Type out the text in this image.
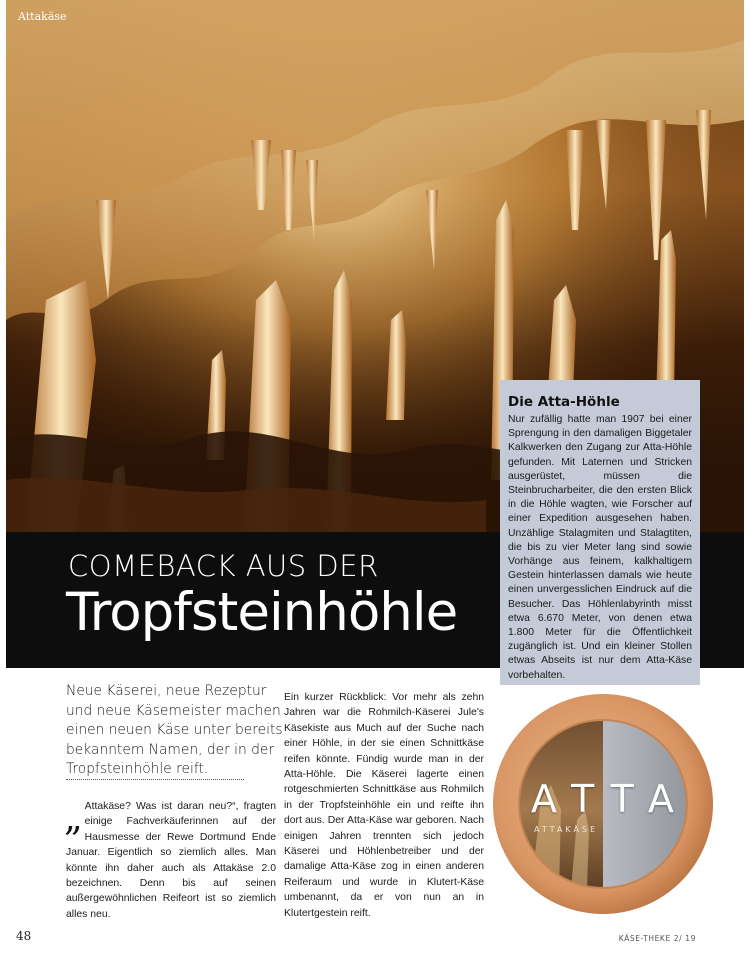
Attakäse
COMEBACK AUS DER
Tropfsteinhöhle

Die Atta-Höhle

Nur zufällig hatte man 1907 bei einer Sprengung in den damaligen Biggetaler Kalkwerken den Zugang zur Atta-Höhle gefunden. Mit Laternen und Stricken ausgerüstet, müssen die Steinbrucharbeiter, die den ersten Blick in die Höhle wagten, wie Forscher auf einer Expedition ausgesehen haben. Unzählige Stalagmiten und Stalagtiten, die bis zu vier Meter lang sind sowie Vorhänge aus feinem, kalkhaltigem Gestein hinterlassen damals wie heute einen unvergesslichen Eindruck auf die Besucher. Das Höhlenlabyrinth misst etwa 6.670 Meter, von denen etwa 1.800 Meter für die Öffentlichkeit zugänglich ist. Und ein kleiner Stollen etwas Abseits ist nur dem Atta-Käse vorbehalten.

Neue Käserei, neue Rezeptur und neue Käsemeister machen einen neuen Käse unter bereits bekanntem Namen, der in der Tropfsteinhöhle reift.

„ Attakäse? Was ist daran neu?“, fragten einige Fachverkäuferinnen auf der Hausmesse der Rewe Dortmund Ende Januar. Eigentlich so ziemlich alles. Man könnte ihn daher auch als Attakäse 2.0 bezeichnen. Denn bis auf seinen außergewöhnlichen Reifeort ist so ziemlich alles neu.

Ein kurzer Rückblick: Vor mehr als zehn Jahren war die Rohmilch-Käserei Jule's Käsekiste aus Much auf der Suche nach einer Höhle, in der sie einen Schnittkäse reifen könnte. Fündig wurde man in der Atta-Höhle. Die Käserei lagerte einen rotgeschmierten Schnittkäse aus Rohmilch in der Tropfsteinhöhle ein und reifte ihn dort aus. Der Atta-Käse war geboren. Nach einigen Jahren trennten sich jedoch Käserei und Höhlenbetreiber und der damalige Atta-Käse zog in einen anderen Reiferaum und wurde in Klutert-Käse umbenannt, da er von nun an in Klutertgestein reift.

ATTA
ATTAKÄSE
48	KÄSE-THEKE 2/ 19
